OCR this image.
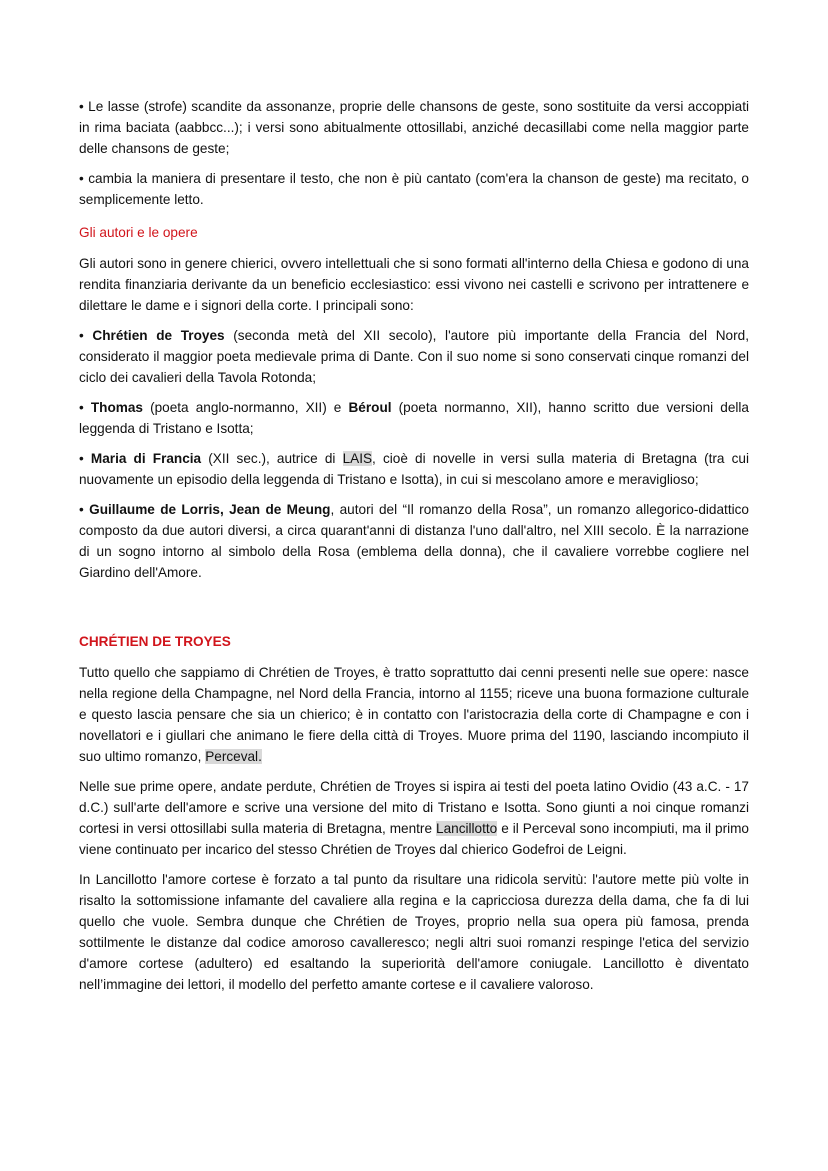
• Le lasse (strofe) scandite da assonanze, proprie delle chansons de geste, sono sostituite da versi accoppiati in rima baciata (aabbcc...); i versi sono abitualmente ottosillabi, anziché decasillabi come nella maggior parte delle chansons de geste;

• cambia la maniera di presentare il testo, che non è più cantato (com'era la chanson de geste) ma recitato, o semplicemente letto.

Gli autori e le opere

Gli autori sono in genere chierici, ovvero intellettuali che si sono formati all'interno della Chiesa e godono di una rendita finanziaria derivante da un beneficio ecclesiastico: essi vivono nei castelli e scrivono per intrattenere e dilettare le dame e i signori della corte. I principali sono:

• Chrétien de Troyes (seconda metà del XII secolo), l'autore più importante della Francia del Nord, considerato il maggior poeta medievale prima di Dante. Con il suo nome si sono conservati cinque romanzi del ciclo dei cavalieri della Tavola Rotonda;

• Thomas (poeta anglo-normanno, XII) e Béroul (poeta normanno, XII), hanno scritto due versioni della leggenda di Tristano e Isotta;

• Maria di Francia (XII sec.), autrice di LAIS, cioè di novelle in versi sulla materia di Bretagna (tra cui nuovamente un episodio della leggenda di Tristano e Isotta), in cui si mescolano amore e meraviglioso;

• Guillaume de Lorris, Jean de Meung, autori del “Il romanzo della Rosa”, un romanzo allegorico-didattico composto da due autori diversi, a circa quarant'anni di distanza l'uno dall'altro, nel XIII secolo. È la narrazione di un sogno intorno al simbolo della Rosa (emblema della donna), che il cavaliere vorrebbe cogliere nel Giardino dell'Amore.

CHRÉTIEN DE TROYES

Tutto quello che sappiamo di Chrétien de Troyes, è tratto soprattutto dai cenni presenti nelle sue opere: nasce nella regione della Champagne, nel Nord della Francia, intorno al 1155; riceve una buona formazione culturale e questo lascia pensare che sia un chierico; è in contatto con l'aristocrazia della corte di Champagne e con i novellatori e i giullari che animano le fiere della città di Troyes. Muore prima del 1190, lasciando incompiuto il suo ultimo romanzo, Perceval.

Nelle sue prime opere, andate perdute, Chrétien de Troyes si ispira ai testi del poeta latino Ovidio (43 a.C. - 17 d.C.) sull'arte dell'amore e scrive una versione del mito di Tristano e Isotta. Sono giunti a noi cinque romanzi cortesi in versi ottosillabi sulla materia di Bretagna, mentre Lancillotto e il Perceval sono incompiuti, ma il primo viene continuato per incarico del stesso Chrétien de Troyes dal chierico Godefroi de Leigni.

In Lancillotto l'amore cortese è forzato a tal punto da risultare una ridicola servitù: l'autore mette più volte in risalto la sottomissione infamante del cavaliere alla regina e la capricciosa durezza della dama, che fa di lui quello che vuole. Sembra dunque che Chrétien de Troyes, proprio nella sua opera più famosa, prenda sottilmente le distanze dal codice amoroso cavalleresco; negli altri suoi romanzi respinge l'etica del servizio d'amore cortese (adultero) ed esaltando la superiorità dell'amore coniugale. Lancillotto è diventato nell’immagine dei lettori, il modello del perfetto amante cortese e il cavaliere valoroso.
